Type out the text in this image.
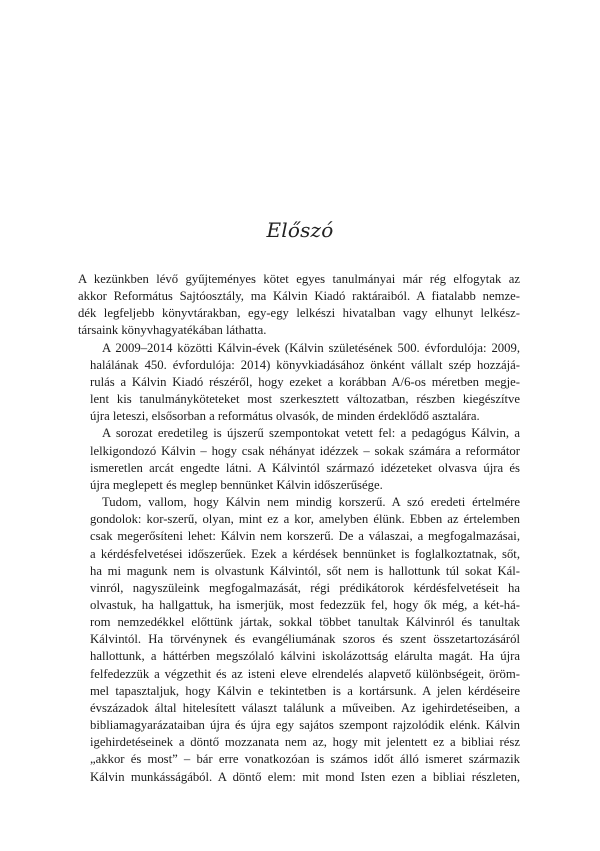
Előszó
A kezünkben lévő gyűjteményes kötet egyes tanulmányai már rég elfogytak az
akkor Református Sajtóosztály, ma Kálvin Kiadó raktáraiból. A fiatalabb nemze-
dék legfeljebb könyvtárakban, egy-egy lelkészi hivatalban vagy elhunyt lelkész-
társaink könyvhagyatékában láthatta.
A 2009–2014 közötti Kálvin-évek (Kálvin születésének 500. évfordulója: 2009,
halálának 450. évfordulója: 2014) könyvkiadásához önként vállalt szép hozzájá-
rulás a Kálvin Kiadó részéről, hogy ezeket a korábban A/6-os méretben megje-
lent kis tanulmányköteteket most szerkesztett változatban, részben kiegészítve
újra leteszi, elsősorban a református olvasók, de minden érdeklődő asztalára.
A sorozat eredetileg is újszerű szempontokat vetett fel: a pedagógus Kálvin, a
lelkigondozó Kálvin – hogy csak néhányat idézzek – sokak számára a reformátor
ismeretlen arcát engedte látni. A Kálvintól származó idézeteket olvasva újra és
újra meglepett és meglep bennünket Kálvin időszerűsége.
Tudom, vallom, hogy Kálvin nem mindig korszerű. A szó eredeti értelmére
gondolok: kor-szerű, olyan, mint ez a kor, amelyben élünk. Ebben az értelemben
csak megerősíteni lehet: Kálvin nem korszerű. De a válaszai, a megfogalmazásai,
a kérdésfelvetései időszerűek. Ezek a kérdések bennünket is foglalkoztatnak, sőt,
ha mi magunk nem is olvastunk Kálvintól, sőt nem is hallottunk túl sokat Kál-
vinról, nagyszüleink megfogalmazását, régi prédikátorok kérdésfelvetéseit ha
olvastuk, ha hallgattuk, ha ismerjük, most fedezzük fel, hogy ők még, a két-há-
rom nemzedékkel előttünk jártak, sokkal többet tanultak Kálvinról és tanultak
Kálvintól. Ha törvénynek és evangéliumának szoros és szent összetartozásáról
hallottunk, a háttérben megszólaló kálvini iskolázottság elárulta magát. Ha újra
felfedezzük a végzethit és az isteni eleve elrendelés alapvető különbségeit, öröm-
mel tapasztaljuk, hogy Kálvin e tekintetben is a kortársunk. A jelen kérdéseire
évszázadok által hitelesített választ találunk a műveiben. Az igehirdetéseiben, a
bibliamagyarázataiban újra és újra egy sajátos szempont rajzolódik elénk. Kálvin
igehirdetéseinek a döntő mozzanata nem az, hogy mit jelentett ez a bibliai rész
„akkor és most” – bár erre vonatkozóan is számos időt álló ismeret származik
Kálvin munkásságából. A döntő elem: mit mond Isten ezen a bibliai részleten,
